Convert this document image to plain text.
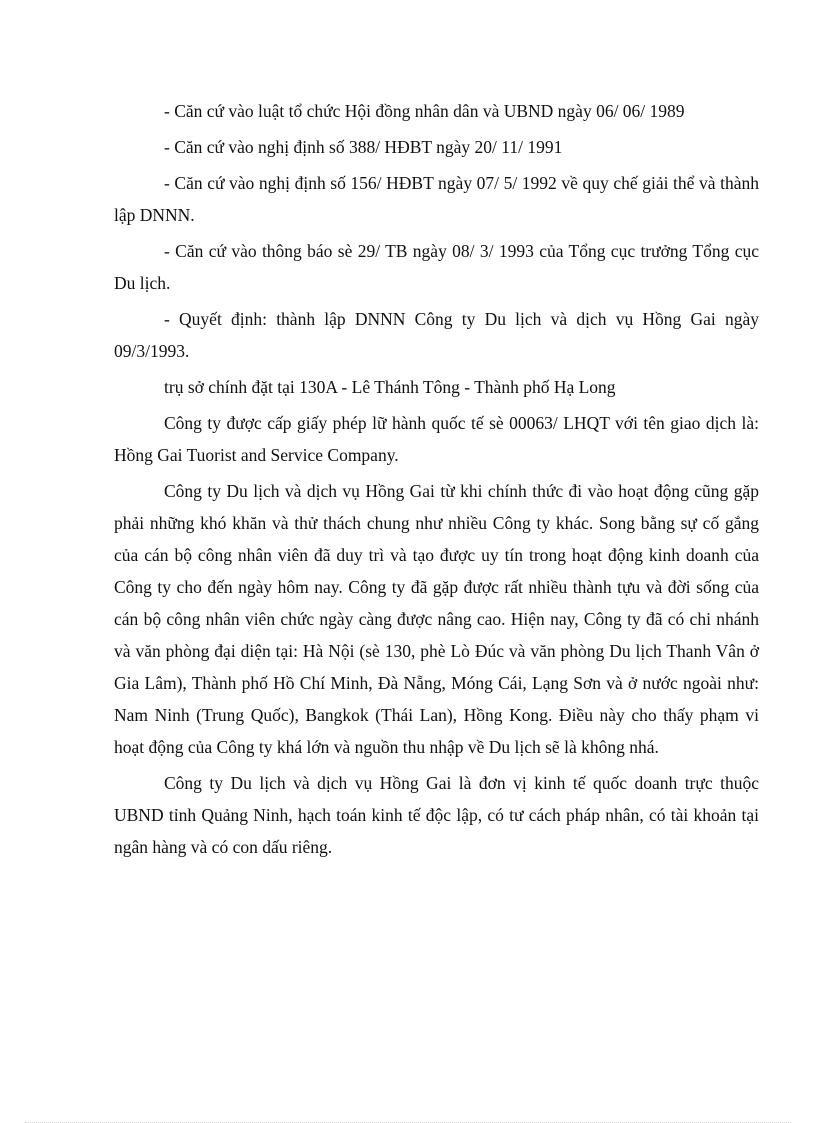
- Căn cứ vào luật tổ chức Hội đồng nhân dân và UBND ngày 06/ 06/ 1989

- Căn cứ vào nghị định số 388/ HĐBT ngày 20/ 11/ 1991

- Căn cứ vào nghị định số 156/ HĐBT ngày 07/ 5/ 1992 về quy chế giải thể và thành lập DNNN.

- Căn cứ vào thông báo sè 29/ TB ngày 08/ 3/ 1993 của Tổng cục trưởng Tổng cục Du lịch.

- Quyết định: thành lập DNNN Công ty Du lịch và dịch vụ Hồng Gai ngày 09/3/1993.

trụ sở chính đặt tại 130A - Lê Thánh Tông - Thành phố Hạ Long

Công ty được cấp giấy phép lữ hành quốc tế sè 00063/ LHQT với tên giao dịch là: Hồng Gai Tuorist and Service Company.

Công ty Du lịch và dịch vụ Hồng Gai từ khi chính thức đi vào hoạt động cũng gặp phải những khó khăn và thử thách chung như nhiều Công ty khác. Song bằng sự cố gắng của cán bộ công nhân viên đã duy trì và tạo được uy tín trong hoạt động kinh doanh của Công ty cho đến ngày hôm nay. Công ty đã gặp được rất nhiều thành tựu và đời sống của cán bộ công nhân viên chức ngày càng được nâng cao. Hiện nay, Công ty đã có chi nhánh và văn phòng đại diện tại: Hà Nội (sè 130, phè Lò Đúc và văn phòng Du lịch Thanh Vân ở Gia Lâm), Thành phố Hồ Chí Minh, Đà Nẵng, Móng Cái, Lạng Sơn và ở nước ngoài như: Nam Ninh (Trung Quốc), Bangkok (Thái Lan), Hồng Kong. Điều này cho thấy phạm vi hoạt động của Công ty khá lớn và nguồn thu nhập về Du lịch sẽ là không nhá.

Công ty Du lịch và dịch vụ Hồng Gai là đơn vị kinh tế quốc doanh trực thuộc UBND tỉnh Quảng Ninh, hạch toán kinh tế độc lập, có tư cách pháp nhân, có tài khoản tại ngân hàng và có con dấu riêng.
